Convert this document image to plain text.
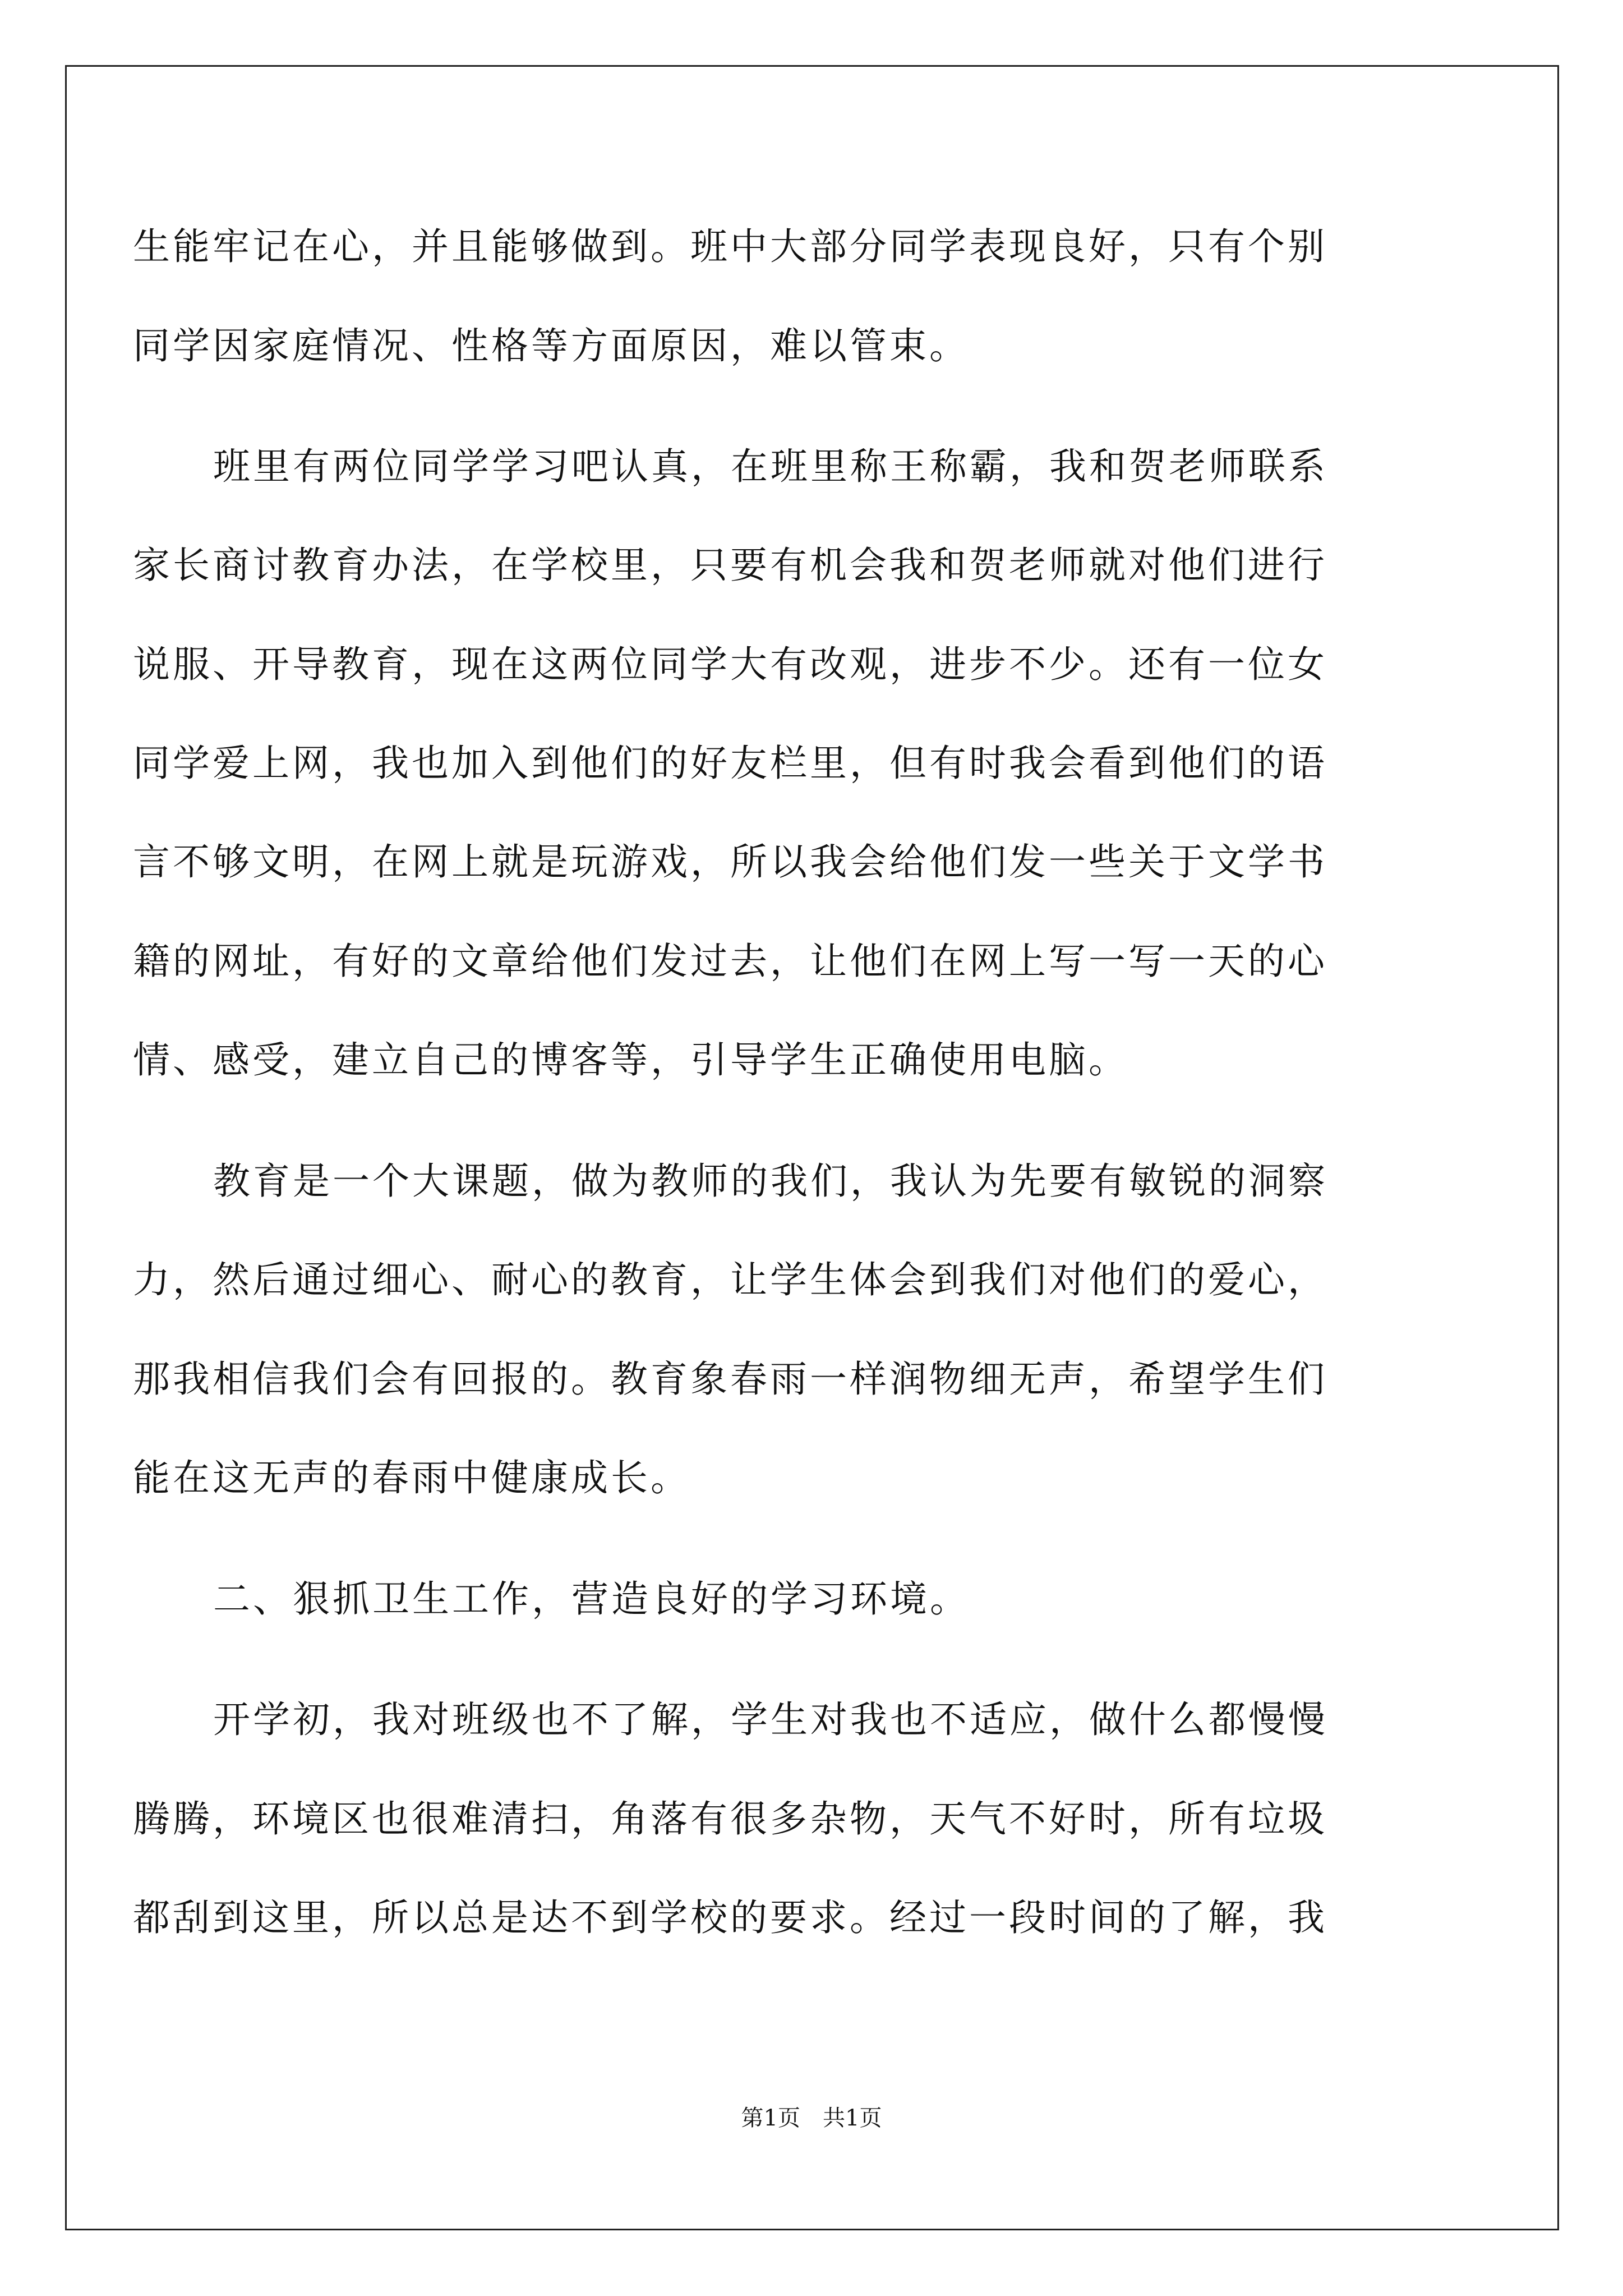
生能牢记在心，并且能够做到。班中大部分同学表现良好，只有个别
同学因家庭情况、性格等方面原因，难以管束。
班里有两位同学学习吧认真，在班里称王称霸，我和贺老师联系
家长商讨教育办法，在学校里，只要有机会我和贺老师就对他们进行
说服、开导教育，现在这两位同学大有改观，进步不少。还有一位女
同学爱上网，我也加入到他们的好友栏里，但有时我会看到他们的语
言不够文明，在网上就是玩游戏，所以我会给他们发一些关于文学书
籍的网址，有好的文章给他们发过去，让他们在网上写一写一天的心
情、感受，建立自己的博客等，引导学生正确使用电脑。
教育是一个大课题，做为教师的我们，我认为先要有敏锐的洞察
力，然后通过细心、耐心的教育，让学生体会到我们对他们的爱心，
那我相信我们会有回报的。教育象春雨一样润物细无声，希望学生们
能在这无声的春雨中健康成长。
二、狠抓卫生工作，营造良好的学习环境。
开学初，我对班级也不了解，学生对我也不适应，做什么都慢慢
腾腾，环境区也很难清扫，角落有很多杂物，天气不好时，所有垃圾
都刮到这里，所以总是达不到学校的要求。经过一段时间的了解，我
第1页　共1页
